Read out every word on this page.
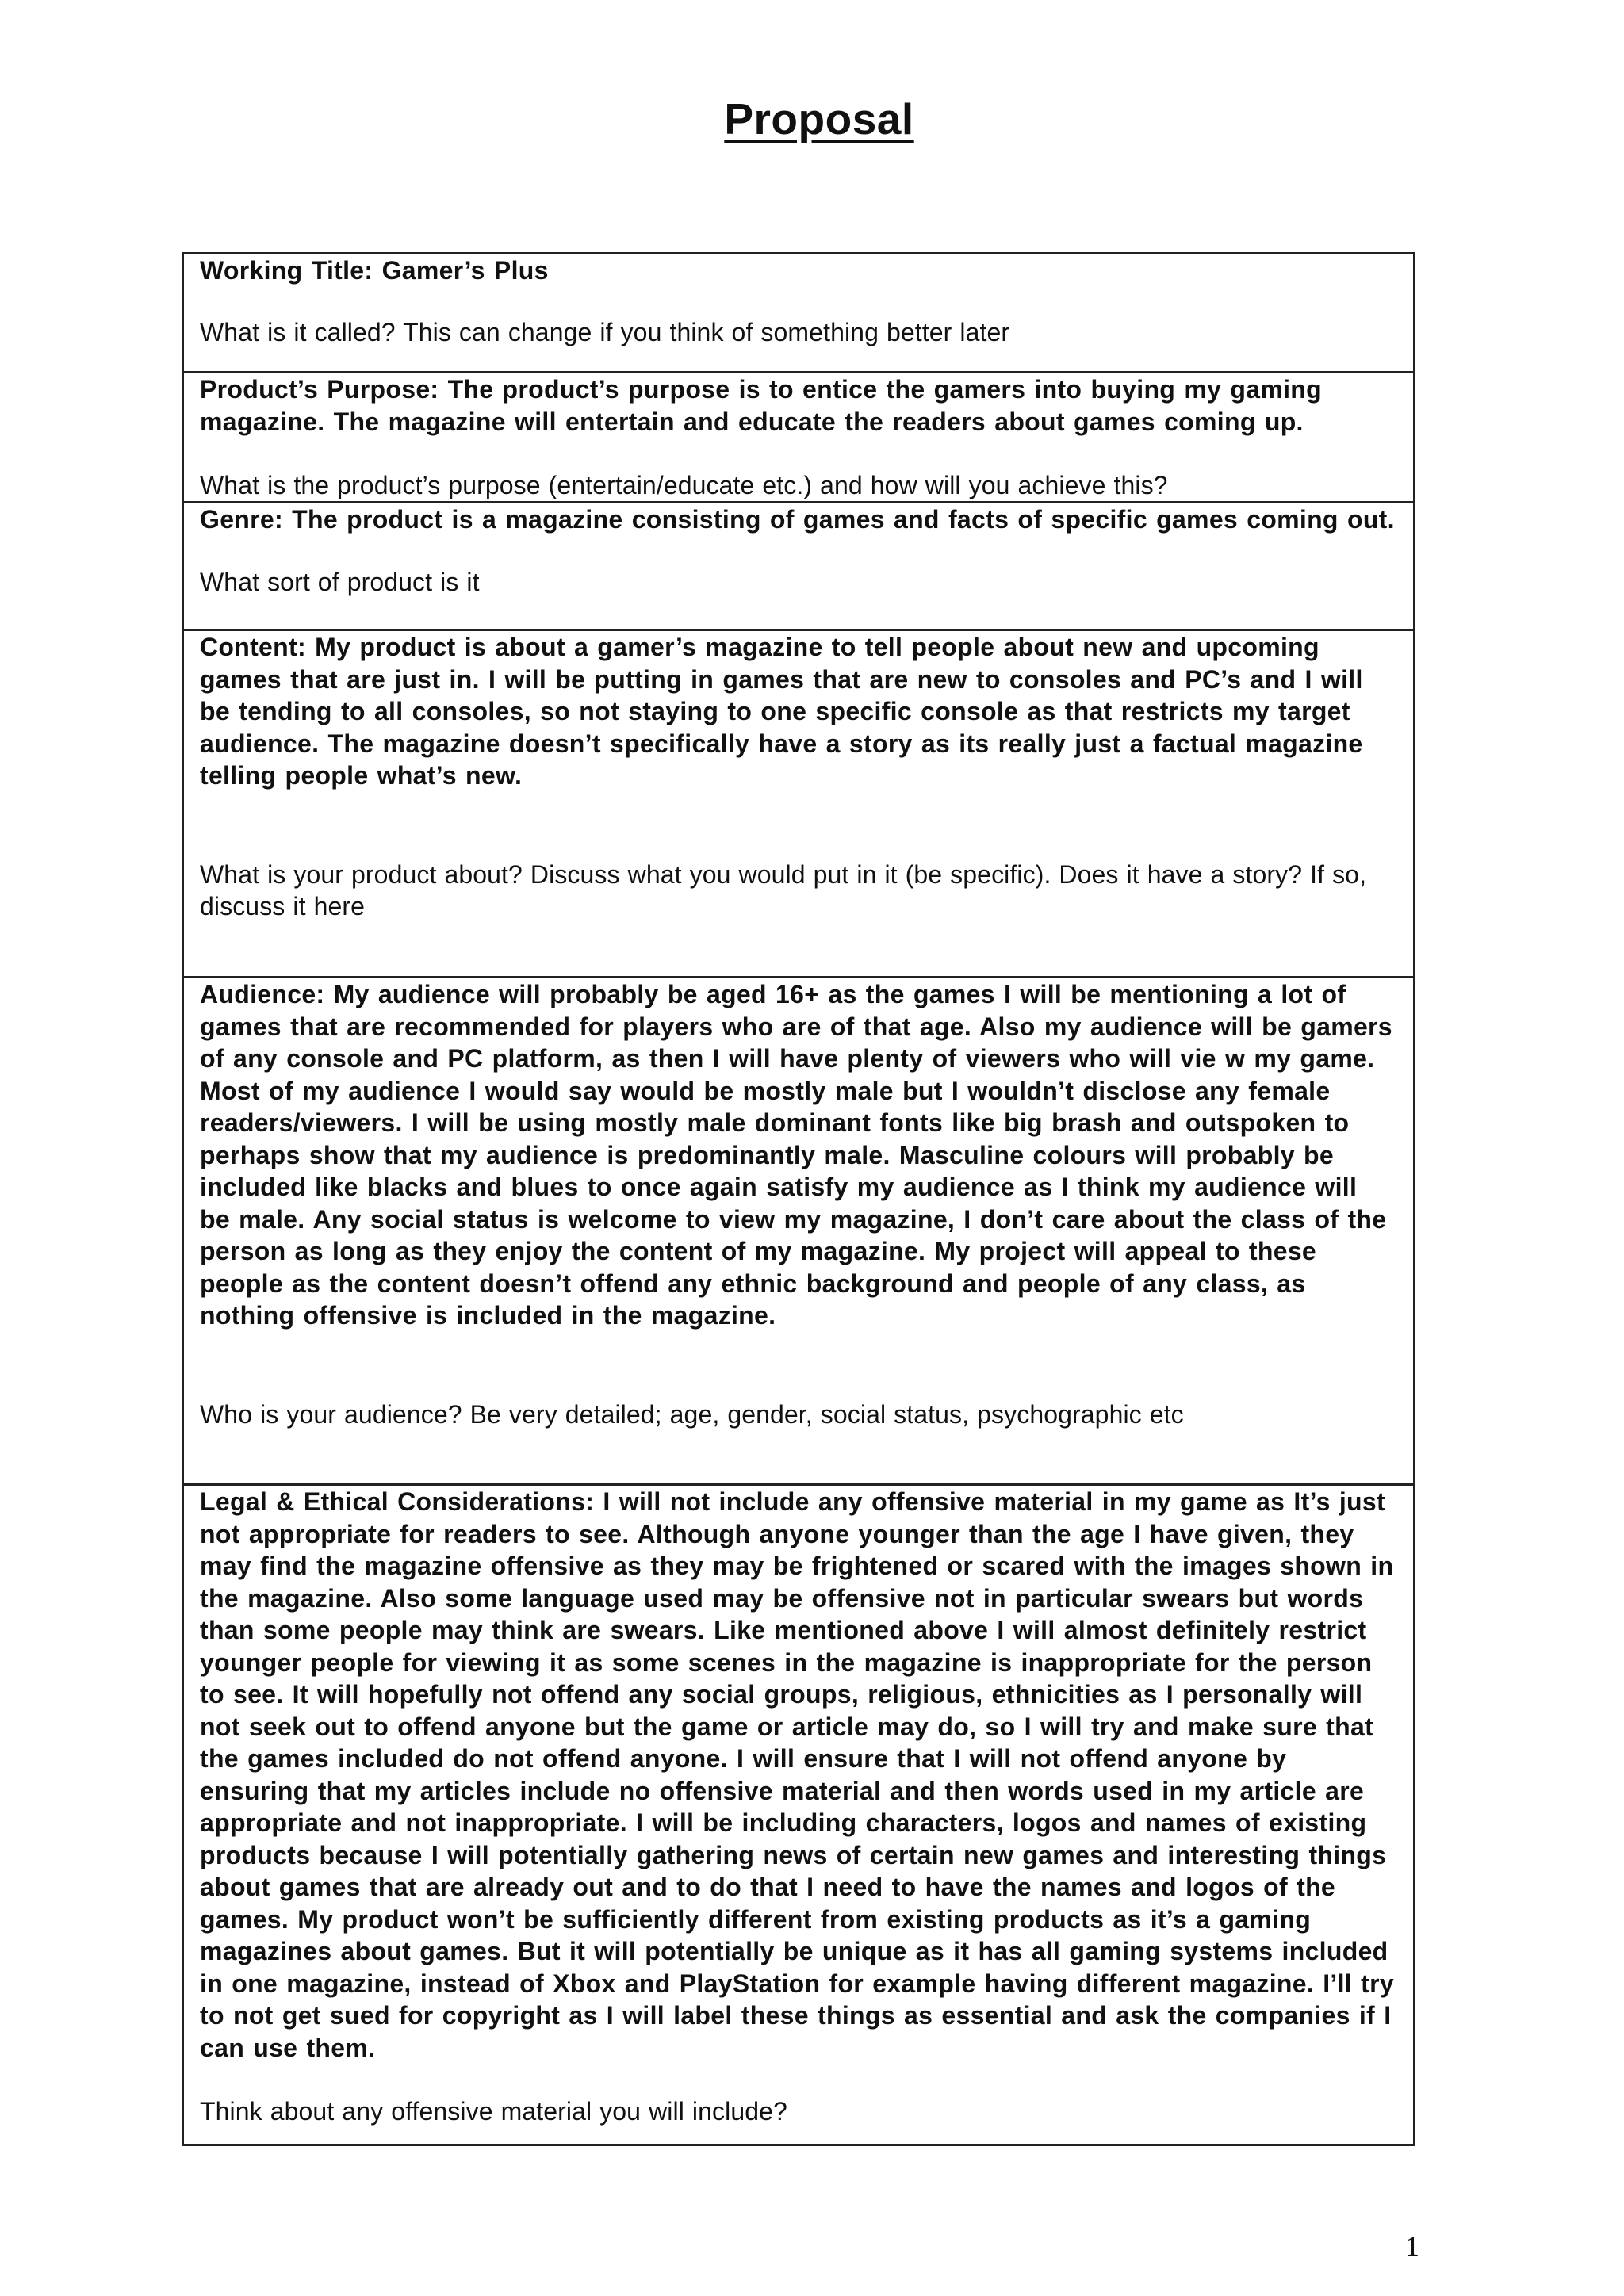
Proposal
Working Title: Gamer’s Plus
What is it called? This can change if you think of something better later
Product’s Purpose: The product’s purpose is to entice the gamers into buying my gaming magazine. The magazine will entertain and educate the readers about games coming up.
What is the product’s purpose (entertain/educate etc.) and how will you achieve this?
Genre: The product is a magazine consisting of games and facts of specific games coming out.
What sort of product is it
Content: My product is about a gamer’s magazine to tell people about new and upcoming games that are just in. I will be putting in games that are new to consoles and PC’s and I will be tending to all consoles, so not staying to one specific console as that restricts my target audience. The magazine doesn’t specifically have a story as its really just a factual magazine telling people what’s new.
What is your product about? Discuss what you would put in it (be specific). Does it have a story? If so, discuss it here
Audience: My audience will probably be aged 16+ as the games I will be mentioning a lot of games that are recommended for players who are of that age. Also my audience will be gamers of any console and PC platform, as then I will have plenty of viewers who will vie w my game. Most of my audience I would say would be mostly male but I wouldn’t disclose any female readers/viewers. I will be using mostly male dominant fonts like big brash and outspoken to perhaps show that my audience is predominantly male. Masculine colours will probably be included like blacks and blues to once again satisfy my audience as I think my audience will be male. Any social status is welcome to view my magazine, I don’t care about the class of the person as long as they enjoy the content of my magazine. My project will appeal to these people as the content doesn’t offend any ethnic background and people of any class, as nothing offensive is included in the magazine.
Who is your audience? Be very detailed; age, gender, social status, psychographic etc
Legal & Ethical Considerations: I will not include any offensive material in my game as It’s just not appropriate for readers to see. Although anyone younger than the age I have given, they may find the magazine offensive as they may be frightened or scared with the images shown in the magazine. Also some language used may be offensive not in particular swears but words than some people may think are swears. Like mentioned above I will almost definitely restrict younger people for viewing it as some scenes in the magazine is inappropriate for the person to see. It will hopefully not offend any social groups, religious, ethnicities as I personally will not seek out to offend anyone but the game or article may do, so I will try and make sure that the games included do not offend anyone. I will ensure that I will not offend anyone by ensuring that my articles include no offensive material and then words used in my article are appropriate and not inappropriate. I will be including characters, logos and names of existing products because I will potentially gathering news of certain new games and interesting things about games that are already out and to do that I need to have the names and logos of the games. My product won’t be sufficiently different from existing products as it’s a gaming magazines about games. But it will potentially be unique as it has all gaming systems included in one magazine, instead of Xbox and PlayStation for example having different magazine. I’ll try to not get sued for copyright as I will label these things as essential and ask the companies if I can use them.
Think about any offensive material you will include?
1
